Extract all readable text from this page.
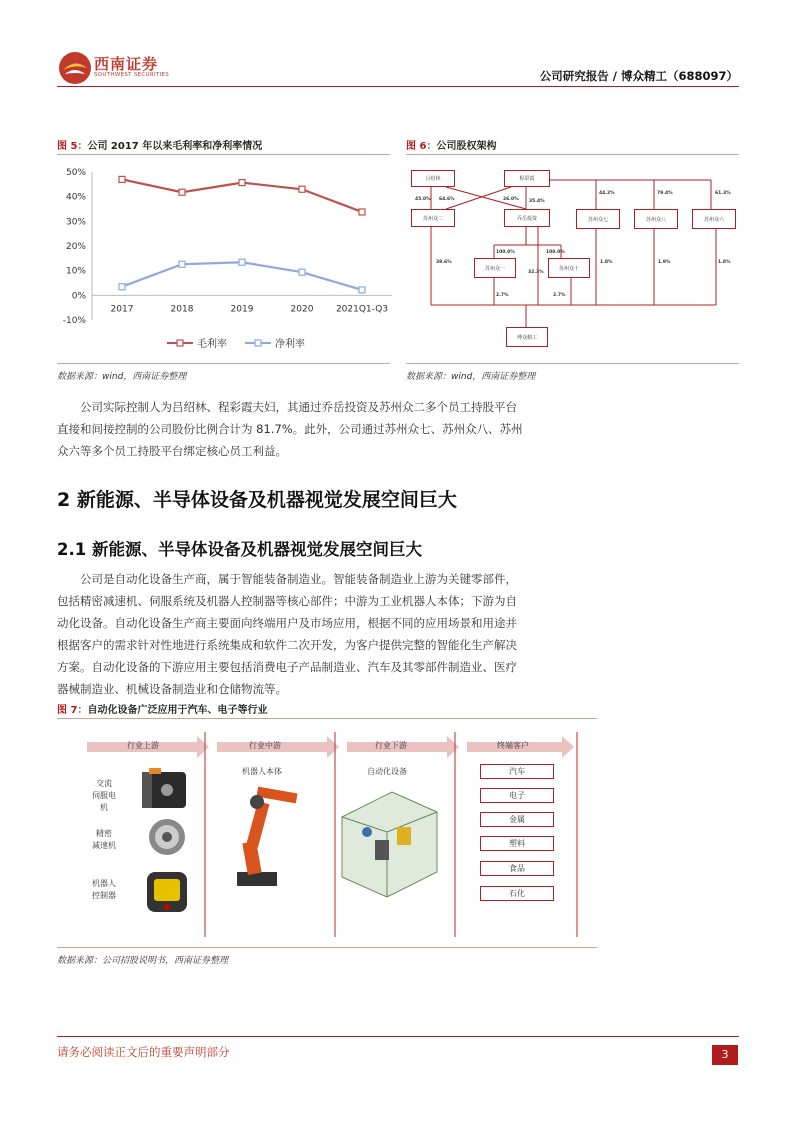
西南证券
SOUTHWEST SECURITIES	公司研究报告 / 博众精工（688097）
图 5：公司 2017 年以来毛利率和净利率情况
50%
40%
30%
20%
10%
0%
-10%
2017	2018	2019	2020 2021Q1-Q3
毛利率	净利率
数据来源：wind，西南证券整理
图 6：公司股权架构
吕绍林	程彩霞
苏州众二	乔岳投资	苏州众七	苏州众八	苏州众六
苏州众一	苏州众十
博众精工
45.0% 64.6%	26.0% 35.4%
44.2%	79.4%	61.3%
100.0%	100.0%
38.6%
32.3%
1.8%	1.9%	1.8%
2.7%	2.7%
数据来源：wind，西南证券整理
公司实际控制人为吕绍林、程彩霞夫妇，其通过乔岳投资及苏州众二多个员工持股平台
直接和间接控制的公司股份比例合计为 81.7%。此外，公司通过苏州众七、苏州众八、苏州
众六等多个员工持股平台绑定核心员工利益。
2 新能源、半导体设备及机器视觉发展空间巨大
2.1 新能源、半导体设备及机器视觉发展空间巨大
公司是自动化设备生产商，属于智能装备制造业。智能装备制造业上游为关键零部件，
包括精密减速机、伺服系统及机器人控制器等核心部件；中游为工业机器人本体；下游为自
动化设备。自动化设备生产商主要面向终端用户及市场应用，根据不同的应用场景和用途并
根据客户的需求针对性地进行系统集成和软件二次开发，为客户提供完整的智能化生产解决
方案。自动化设备的下游应用主要包括消费电子产品制造业、汽车及其零部件制造业、医疗
器械制造业、机械设备制造业和仓储物流等。
图 7：自动化设备广泛应用于汽车、电子等行业
行业上游	行业中游	行业下游	终端客户
交流
伺服电机
精密
减速机
机器人
控制器
机器人本体	自动化设备	汽车
电子
金属
塑料
食品
石化
数据来源：公司招股说明书，西南证券整理
请务必阅读正文后的重要声明部分	3
